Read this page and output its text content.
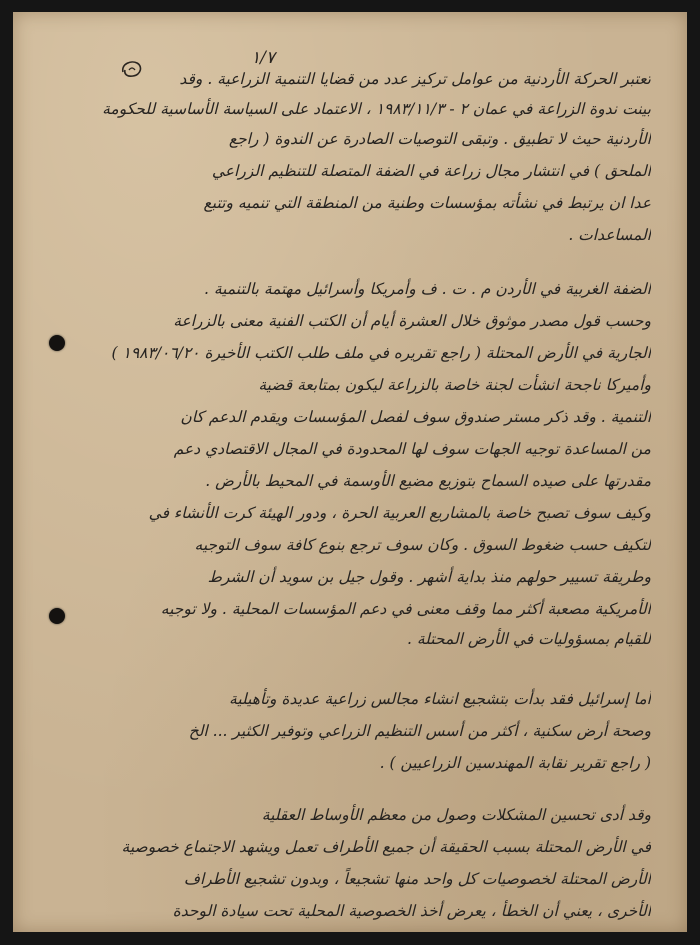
١/٧
تعتبر الحركة الأردنية من عوامل تركيز عدد من قضايا التنمية الزراعية . وقد
بينت ندوة الزراعة في عمان ٢ - ١٩٨٣/١١/٣ ، الاعتماد على السياسة الأساسية للحكومة
الأردنية حيث لا تطبيق . وتبقى التوصيات الصادرة عن الندوة ( راجع
الملحق ) في انتشار مجال زراعة في الضفة المتصلة للتنظيم الزراعي
عدا ان يرتبط في نشأته بمؤسسات وطنية من المنطقة التي تنميه وتتبع
المساعدات .
الضفة الغربية في الأردن م . ت . ف وأمريكا وأسرائيل مهتمة بالتنمية .
وحسب قول مصدر موثوق خلال العشرة أيام أن الكتب الفنية معنى بالزراعة
الجارية في الأرض المحتلة ( راجع تقريره في ملف طلب الكتب الأخيرة ١٩٨٣/٠٦/٢٠ )
وأميركا ناجحة انشأت لجنة خاصة بالزراعة ليكون بمتابعة قضية
التنمية . وقد ذكر مستر صندوق سوف لفصل المؤسسات ويقدم الدعم كان
من المساعدة توجيه الجهات سوف لها المحدودة في المجال الاقتصادي دعم
مقدرتها على صيده السماح بتوزيع مضيع الأوسمة في المحيط بالأرض .
وكيف سوف تصبح خاصة بالمشاريع العربية الحرة ، ودور الهيئة كرت الأنشاء في
لتكيف حسب ضغوط السوق . وكان سوف ترجع بنوع كافة سوف التوجيه
وطريقة تسيير حولهم منذ بداية أشهر . وقول جيل بن سويد أن الشرط
الأمريكية مصعبة أكثر مما وقف معنى في دعم المؤسسات المحلية . ولا توجيه
للقيام بمسؤوليات في الأرض المحتلة .
أما إسرائيل فقد بدأت بتشجيع انشاء مجالس زراعية عديدة وتأهيلية
وصحة أرض سكنية ، أكثر من أسس التنظيم الزراعي وتوفير الكثير ... الخ
( راجع تقرير نقابة المهندسين الزراعيين ) .
وقد أدى تحسين المشكلات وصول من معظم الأوساط العقلية
في الأرض المحتلة بسبب الحقيقة أن جميع الأطراف تعمل ويشهد الاجتماع خصوصية
الأرض المحتلة لخصوصيات كل واحد منها تشجيعاً ، وبدون تشجيع الأطراف
الأخرى ، يعني أن الخطأ ، يعرض أخذ الخصوصية المحلية تحت سيادة الوحدة
